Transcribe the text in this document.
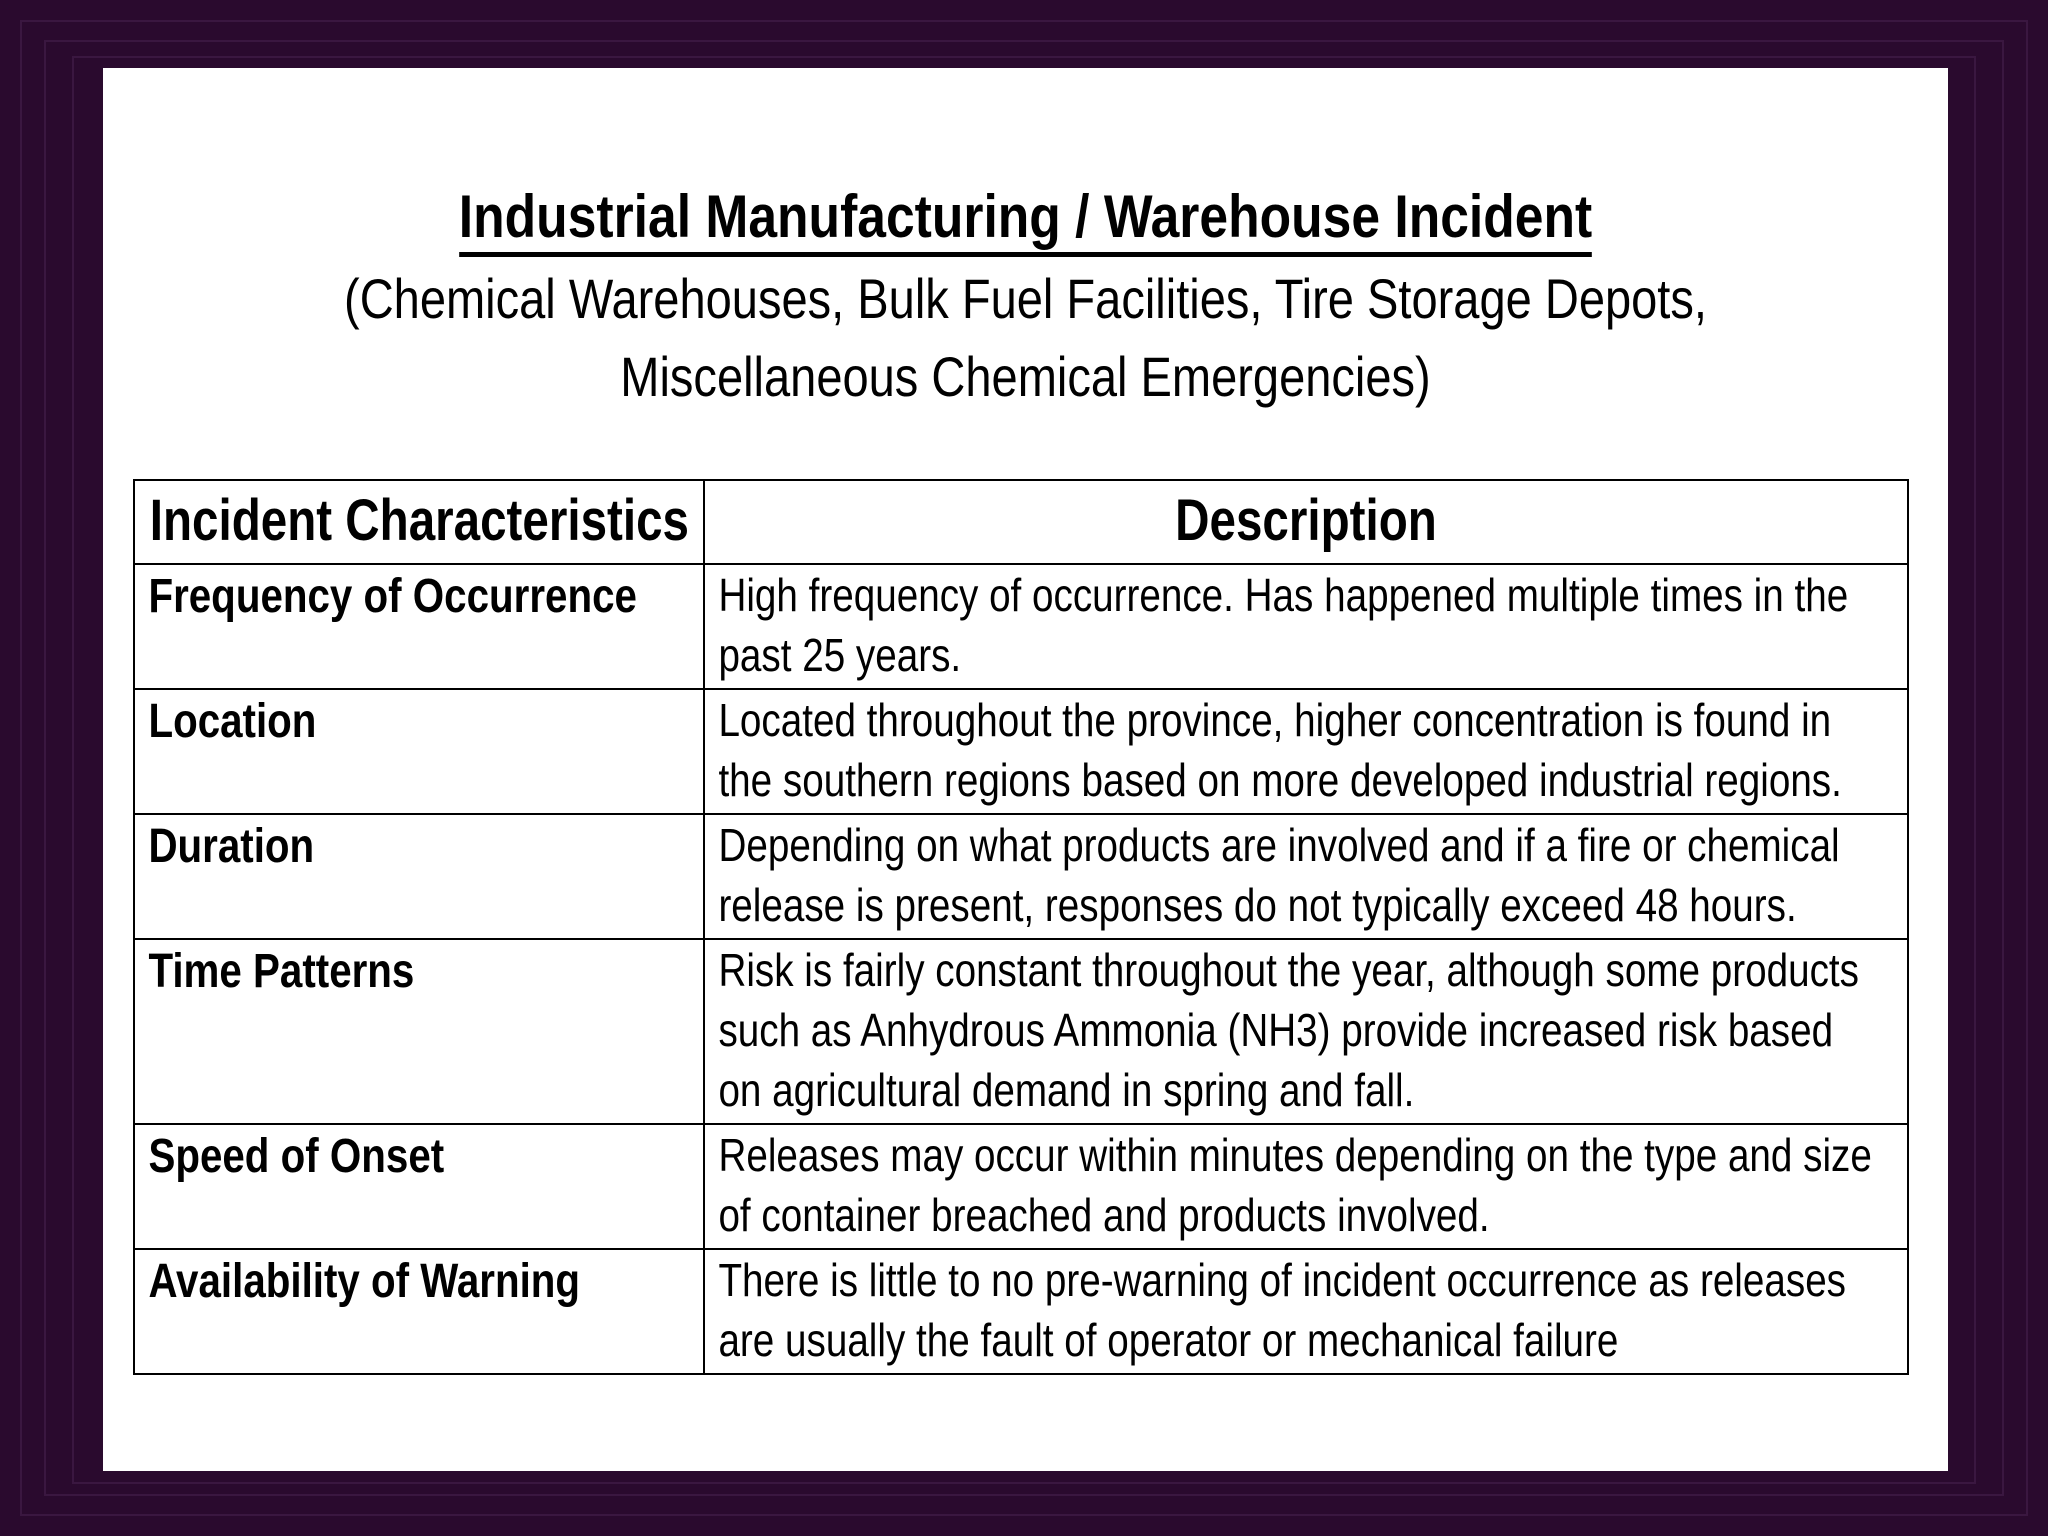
Industrial Manufacturing / Warehouse Incident
(Chemical Warehouses, Bulk Fuel Facilities, Tire Storage Depots,
Miscellaneous Chemical Emergencies)
Incident Characteristics	Description

Frequency of Occurrence	High frequency of occurrence. Has happened multiple times in the past 25 years.

Location	Located throughout the province, higher concentration is found in the southern regions based on more developed industrial regions.

Duration	Depending on what products are involved and if a fire or chemical release is present, responses do not typically exceed 48 hours.

Time Patterns	Risk is fairly constant throughout the year, although some products such as Anhydrous Ammonia (NH3) provide increased risk based on agricultural demand in spring and fall.

Speed of Onset	Releases may occur within minutes depending on the type and size of container breached and products involved.

Availability of Warning	There is little to no pre-warning of incident occurrence as releases are usually the fault of operator or mechanical failure
